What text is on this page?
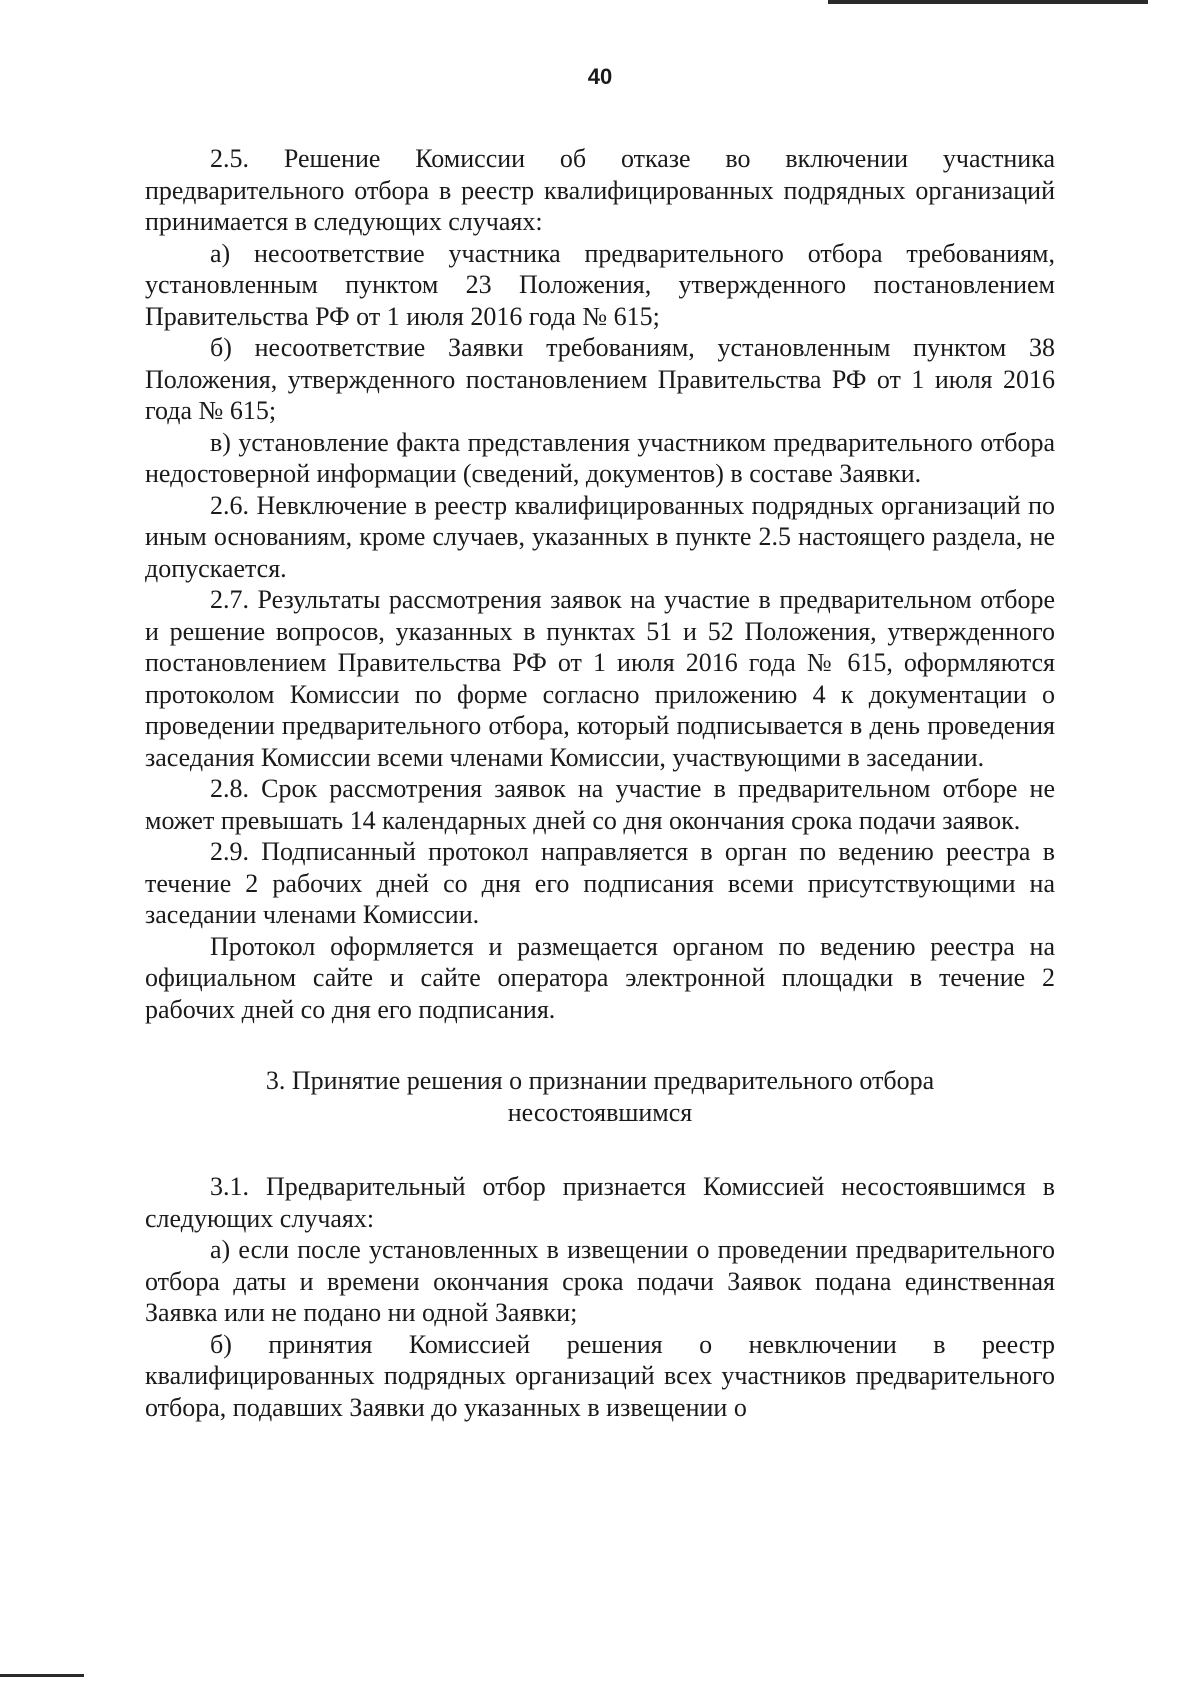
40

2.5. Решение Комиссии об отказе во включении участника предварительного отбора в реестр квалифицированных подрядных организаций принимается в следующих случаях:

а) несоответствие участника предварительного отбора требованиям, установленным пунктом 23 Положения, утвержденного постановлением Правительства РФ от 1 июля 2016 года № 615;

б) несоответствие Заявки требованиям, установленным пунктом 38 Положения, утвержденного постановлением Правительства РФ от 1 июля 2016 года № 615;

в) установление факта представления участником предварительного отбора недостоверной информации (сведений, документов) в составе Заявки.

2.6. Невключение в реестр квалифицированных подрядных организаций по иным основаниям, кроме случаев, указанных в пункте 2.5 настоящего раздела, не допускается.

2.7. Результаты рассмотрения заявок на участие в предварительном отборе и решение вопросов, указанных в пунктах 51 и 52 Положения, утвержденного постановлением Правительства РФ от 1 июля 2016 года № 615, оформляются протоколом Комиссии по форме согласно приложению 4 к документации о проведении предварительного отбора, который подписывается в день проведения заседания Комиссии всеми членами Комиссии, участвующими в заседании.

2.8. Срок рассмотрения заявок на участие в предварительном отборе не может превышать 14 календарных дней со дня окончания срока подачи заявок.

2.9. Подписанный протокол направляется в орган по ведению реестра в течение 2 рабочих дней со дня его подписания всеми присутствующими на заседании членами Комиссии.

Протокол оформляется и размещается органом по ведению реестра на официальном сайте и сайте оператора электронной площадки в течение 2 рабочих дней со дня его подписания.

3. Принятие решения о признании предварительного отбора несостоявшимся

3.1. Предварительный отбор признается Комиссией несостоявшимся в следующих случаях:

а) если после установленных в извещении о проведении предварительного отбора даты и времени окончания срока подачи Заявок подана единственная Заявка или не подано ни одной Заявки;

б) принятия Комиссией решения о невключении в реестр квалифицированных подрядных организаций всех участников предварительного отбора, подавших Заявки до указанных в извещении о
